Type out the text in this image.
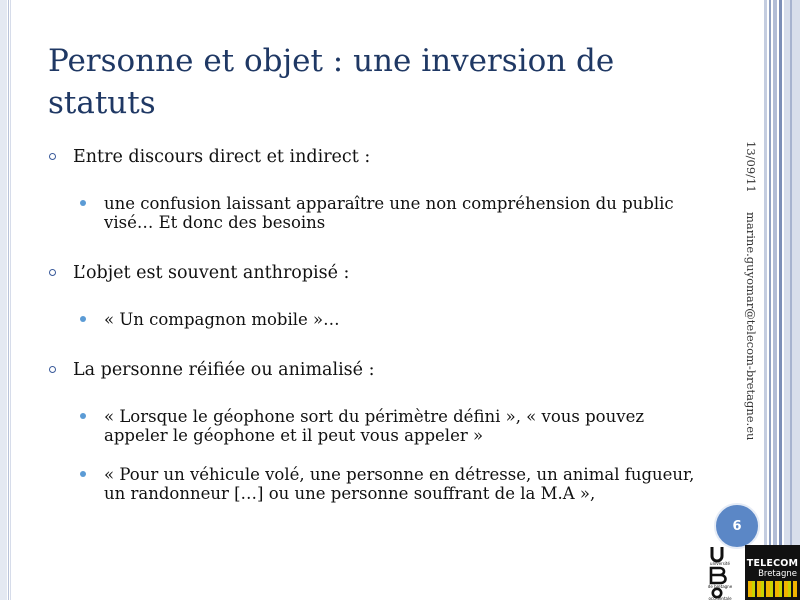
Personne et objet : une inversion de statuts
Entre discours direct et indirect :
une confusion laissant apparaître une non compréhension du public visé… Et donc des besoins
L’objet est souvent anthropisé :
« Un compagnon mobile »…
La personne réifiée ou animalisé :
« Lorsque le géophone sort du périmètre défini », « vous pouvez appeler le géophone et il peut vous appeler »
« Pour un véhicule volé, une personne en détresse, un animal fugueur, un randonneur […] ou une personne souffrant de la M.A »,
13/09/11
marine.guyomar@telecom-bretagne.eu
6
université
de bretagne
occidentale
TELECOM
Bretagne
